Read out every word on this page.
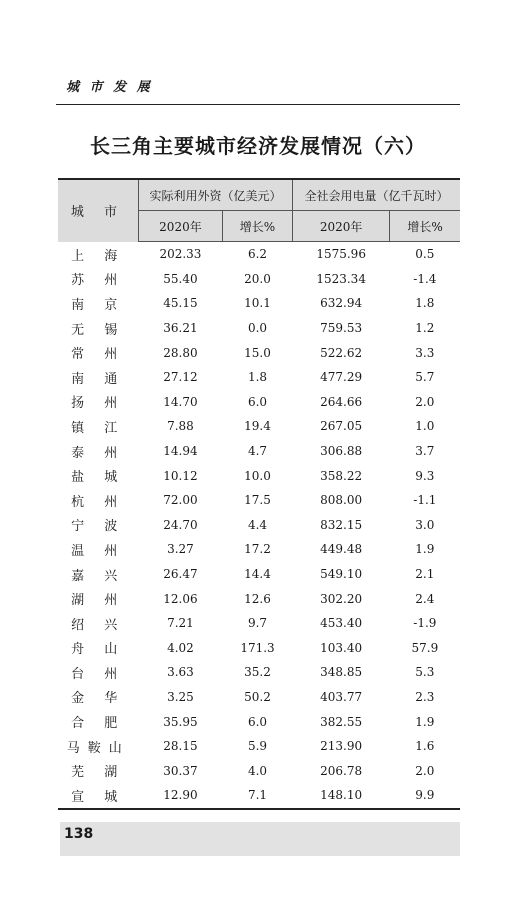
城 市 发 展
长三角主要城市经济发展情况（六）
城 市	实际利用外资（亿美元）		全社会用电量（亿千瓦时）	
	2020年	增长%	2020年	增长%
上 海	202.33	6.2	1575.96	0.5
苏 州	55.40	20.0	1523.34	-1.4
南 京	45.15	10.1	632.94	1.8
无 锡	36.21	0.0	759.53	1.2
常 州	28.80	15.0	522.62	3.3
南 通	27.12	1.8	477.29	5.7
扬 州	14.70	6.0	264.66	2.0
镇 江	7.88	19.4	267.05	1.0
泰 州	14.94	4.7	306.88	3.7
盐 城	10.12	10.0	358.22	9.3
杭 州	72.00	17.5	808.00	-1.1
宁 波	24.70	4.4	832.15	3.0
温 州	3.27	17.2	449.48	1.9
嘉 兴	26.47	14.4	549.10	2.1
湖 州	12.06	12.6	302.20	2.4
绍 兴	7.21	9.7	453.40	-1.9
舟 山	4.02	171.3	103.40	57.9
台 州	3.63	35.2	348.85	5.3
金 华	3.25	50.2	403.77	2.3
合 肥	35.95	6.0	382.55	1.9
马鞍山	28.15	5.9	213.90	1.6
芜 湖	30.37	4.0	206.78	2.0
宣 城	12.90	7.1	148.10	9.9
138
